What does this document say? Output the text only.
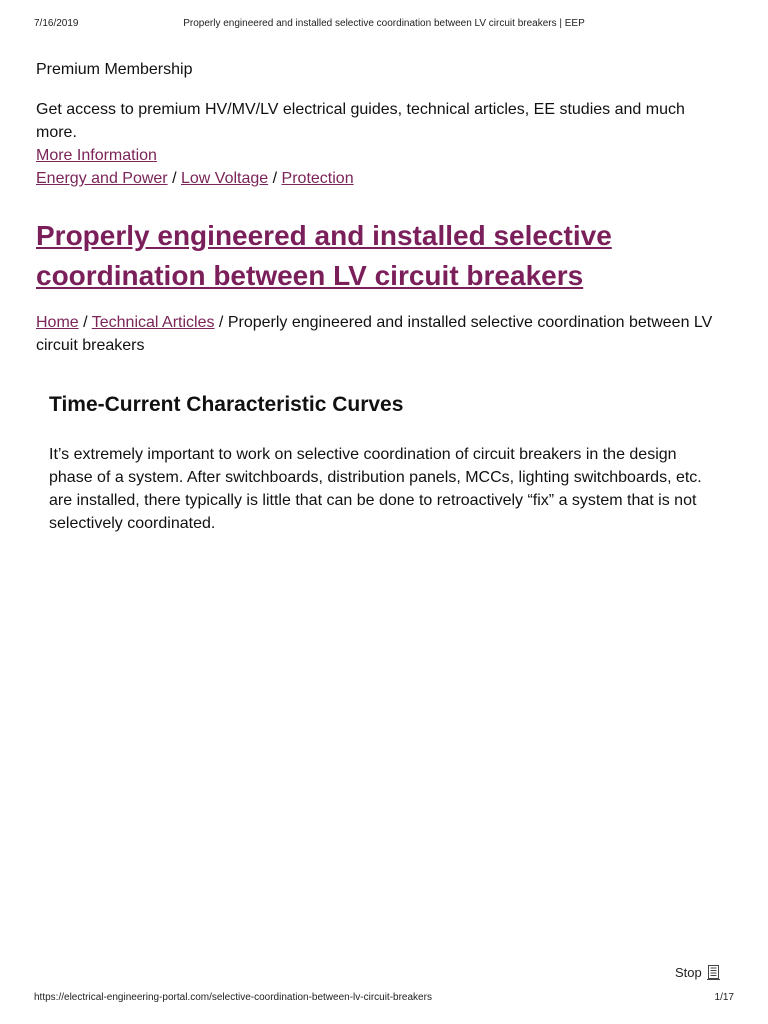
7/16/2019	Properly engineered and installed selective coordination between LV circuit breakers | EEP

Premium Membership

Get access to premium HV/MV/LV electrical guides, technical articles, EE studies and much more.

More Information

Energy and Power / Low Voltage / Protection

Properly engineered and installed selective coordination between LV circuit breakers

Home / Technical Articles / Properly engineered and installed selective coordination between LV circuit breakers

Time-Current Characteristic Curves

It’s extremely important to work on selective coordination of circuit breakers in the design phase of a system. After switchboards, distribution panels, MCCs, lighting switchboards, etc. are installed, there typically is little that can be done to retroactively “fix” a system that is not selectively coordinated.

Stop
https://electrical-engineering-portal.com/selective-coordination-between-lv-circuit-breakers	1/17
